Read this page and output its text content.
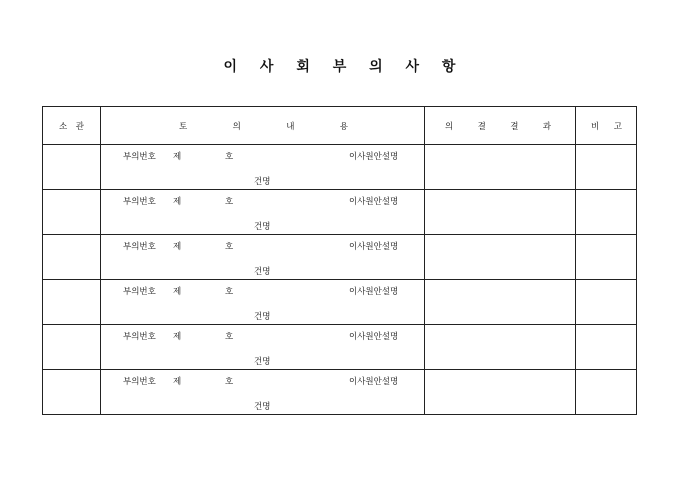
이 사 회 부 의 사 항
소 관	토 의 내 용	의 결 결 과	비 고

	부의번호 제 호 이사원안설명
건명		

	부의번호 제 호 이사원안설명
건명		

	부의번호 제 호 이사원안설명
건명		

	부의번호 제 호 이사원안설명
건명		

	부의번호 제 호 이사원안설명
건명		

	부의번호 제 호 이사원안설명
건명		
